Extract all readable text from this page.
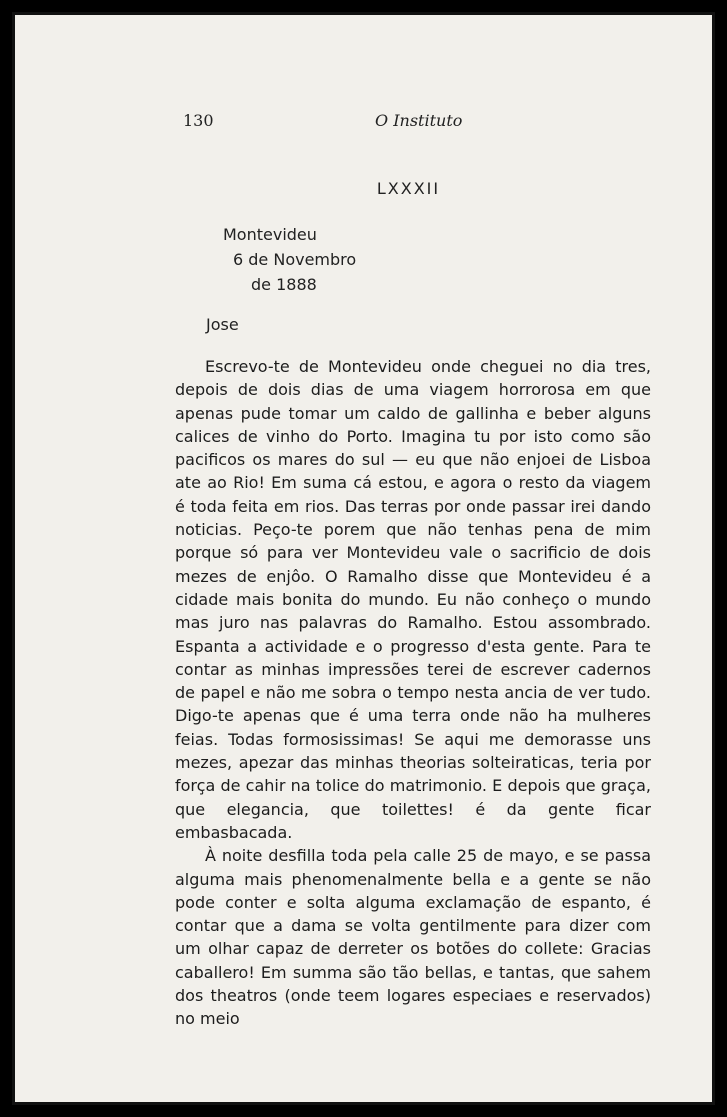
130	O Instituto
LXXXII
Montevideu
6 de Novembro
de 1888
Jose

Escrevo-te de Montevideu onde cheguei no dia tres, depois de dois dias de uma viagem horrorosa em que apenas pude tomar um caldo de gallinha e beber alguns calices de vinho do Porto. Imagina tu por isto como são pacificos os mares do sul — eu que não enjoei de Lisboa ate ao Rio! Em suma cá estou, e agora o resto da viagem é toda feita em rios. Das terras por onde passar irei dando noticias. Peço-te porem que não tenhas pena de mim porque só para ver Montevideu vale o sacrificio de dois mezes de enjôo. O Ramalho disse que Montevideu é a cidade mais bonita do mundo. Eu não conheço o mundo mas juro nas palavras do Ramalho. Estou assombrado. Espanta a actividade e o progresso d'esta gente. Para te contar as minhas impressões terei de escrever cadernos de papel e não me sobra o tempo nesta ancia de ver tudo. Digo-te apenas que é uma terra onde não ha mulheres feias. Todas formosissimas! Se aqui me demorasse uns mezes, apezar das minhas theorias solteiraticas, teria por força de cahir na tolice do matrimonio. E depois que graça, que elegancia, que toilettes! é da gente ficar embasbacada.

À noite desfilla toda pela calle 25 de mayo, e se passa alguma mais phenomenalmente bella e a gente se não pode conter e solta alguma exclamação de espanto, é contar que a dama se volta gentilmente para dizer com um olhar capaz de derreter os botões do collete: Gracias caballero! Em summa são tão bellas, e tantas, que sahem dos theatros (onde teem logares especiaes e reservados) no meio
